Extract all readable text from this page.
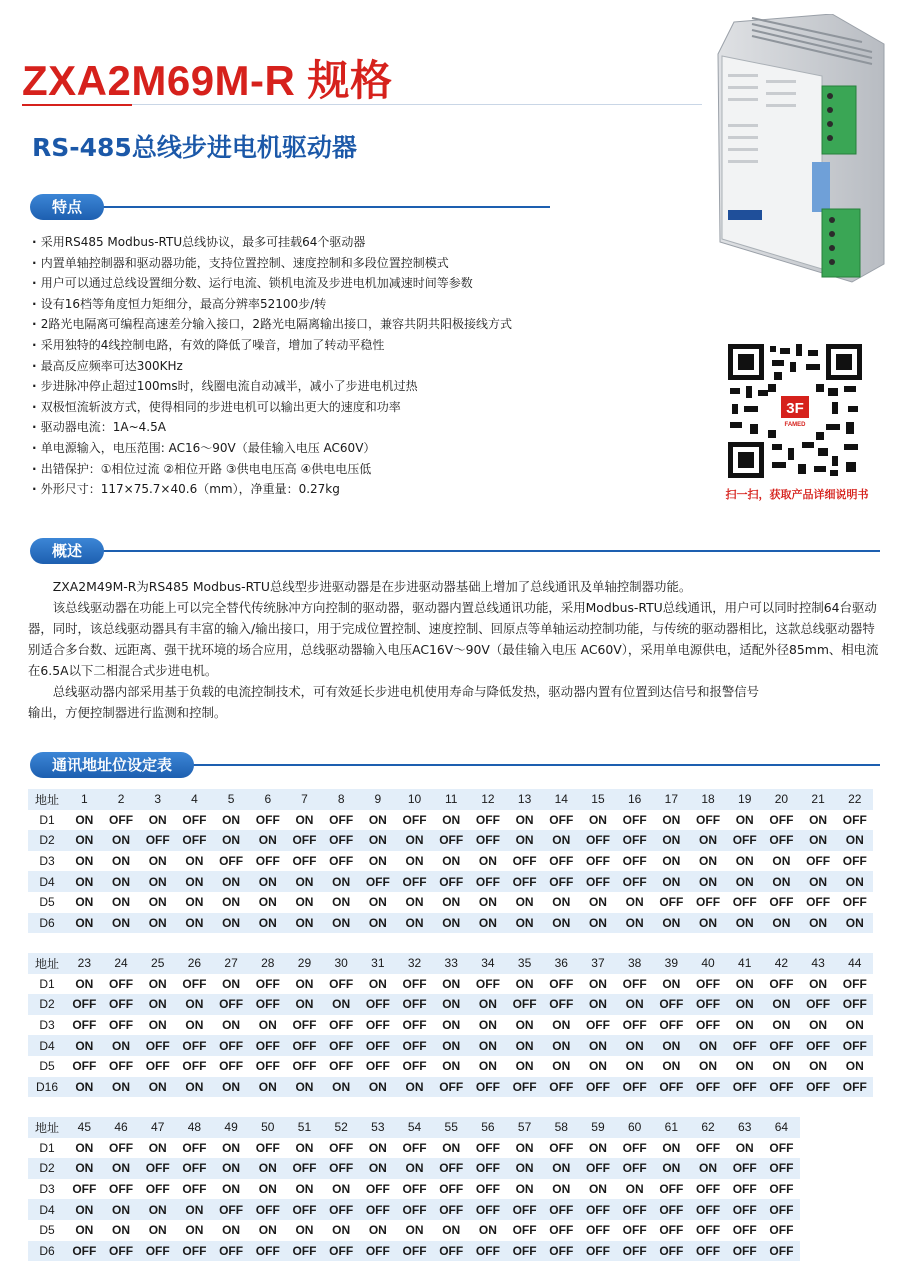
ZXA2M69M-R 规格
RS-485总线步进电机驱动器
特点
· 采用RS485 Modbus-RTU总线协议，最多可挂载64个驱动器
· 内置单轴控制器和驱动器功能，支持位置控制、速度控制和多段位置控制模式
· 用户可以通过总线设置细分数、运行电流、锁机电流及步进电机加减速时间等参数
· 设有16档等角度恒力矩细分，最高分辨率52100步/转
· 2路光电隔离可编程高速差分输入接口，2路光电隔离输出接口，兼容共阴共阳极接线方式
· 采用独特的4线控制电路，有效的降低了噪音，增加了转动平稳性
· 最高反应频率可达300KHz
· 步进脉冲停止超过100ms时，线圈电流自动减半，减小了步进电机过热
· 双极恒流斩波方式，使得相同的步进电机可以输出更大的速度和功率
· 驱动器电流：1A~4.5A
· 单电源输入，电压范围: AC16～90V（最佳输入电压 AC60V）
· 出错保护：①相位过流 ②相位开路 ③供电电压高 ④供电电压低
· 外形尺寸：117×75.7×40.6（mm），净重量：0.27kg
3F
FAMED
扫一扫，获取产品详细说明书
概述

ZXA2M49M-R为RS485 Modbus-RTU总线型步进驱动器是在步进驱动器基础上增加了总线通讯及单轴控制器功能。

该总线驱动器在功能上可以完全替代传统脉冲方向控制的驱动器，驱动器内置总线通讯功能，采用Modbus-RTU总线通讯，用户可以同时控制64台驱动器，同时，该总线驱动器具有丰富的输入/输出接口，用于完成位置控制、速度控制、回原点等单轴运动控制功能，与传统的驱动器相比，这款总线驱动器特别适合多台数、远距离、强干扰环境的场合应用，总线驱动器输入电压AC16V～90V（最佳输入电压 AC60V），采用单电源供电，适配外径85mm、相电流在6.5A以下二相混合式步进电机。

总线驱动器内部采用基于负载的电流控制技术，可有效延长步进电机使用寿命与降低发热，驱动器内置有位置到达信号和报警信号

输出，方便控制器进行监测和控制。

通讯地址位设定表
地址	1	2	3	4	5	6	7	8	9	10	11	12	13	14	15	16	17	18	19	20	21	22
D1	ON	OFF	ON	OFF	ON	OFF	ON	OFF	ON	OFF	ON	OFF	ON	OFF	ON	OFF	ON	OFF	ON	OFF	ON	OFF
D2	ON	ON	OFF	OFF	ON	ON	OFF	OFF	ON	ON	OFF	OFF	ON	ON	OFF	OFF	ON	ON	OFF	OFF	ON	ON
D3	ON	ON	ON	ON	OFF	OFF	OFF	OFF	ON	ON	ON	ON	OFF	OFF	OFF	OFF	ON	ON	ON	ON	OFF	OFF
D4	ON	ON	ON	ON	ON	ON	ON	ON	OFF	OFF	OFF	OFF	OFF	OFF	OFF	OFF	ON	ON	ON	ON	ON	ON
D5	ON	ON	ON	ON	ON	ON	ON	ON	ON	ON	ON	ON	ON	ON	ON	ON	OFF	OFF	OFF	OFF	OFF	OFF
D6	ON	ON	ON	ON	ON	ON	ON	ON	ON	ON	ON	ON	ON	ON	ON	ON	ON	ON	ON	ON	ON	ON
地址	23	24	25	26	27	28	29	30	31	32	33	34	35	36	37	38	39	40	41	42	43	44
D1	ON	OFF	ON	OFF	ON	OFF	ON	OFF	ON	OFF	ON	OFF	ON	OFF	ON	OFF	ON	OFF	ON	OFF	ON	OFF
D2	OFF	OFF	ON	ON	OFF	OFF	ON	ON	OFF	OFF	ON	ON	OFF	OFF	ON	ON	OFF	OFF	ON	ON	OFF	OFF
D3	OFF	OFF	ON	ON	ON	ON	OFF	OFF	OFF	OFF	ON	ON	ON	ON	OFF	OFF	OFF	OFF	ON	ON	ON	ON
D4	ON	ON	OFF	OFF	OFF	OFF	OFF	OFF	OFF	OFF	ON	ON	ON	ON	ON	ON	ON	ON	OFF	OFF	OFF	OFF
D5	OFF	OFF	OFF	OFF	OFF	OFF	OFF	OFF	OFF	OFF	ON	ON	ON	ON	ON	ON	ON	ON	ON	ON	ON	ON
D16	ON	ON	ON	ON	ON	ON	ON	ON	ON	ON	OFF	OFF	OFF	OFF	OFF	OFF	OFF	OFF	OFF	OFF	OFF	OFF
地址	45	46	47	48	49	50	51	52	53	54	55	56	57	58	59	60	61	62	63	64
D1	ON	OFF	ON	OFF	ON	OFF	ON	OFF	ON	OFF	ON	OFF	ON	OFF	ON	OFF	ON	OFF	ON	OFF
D2	ON	ON	OFF	OFF	ON	ON	OFF	OFF	ON	ON	OFF	OFF	ON	ON	OFF	OFF	ON	ON	OFF	OFF
D3	OFF	OFF	OFF	OFF	ON	ON	ON	ON	OFF	OFF	OFF	OFF	ON	ON	ON	ON	OFF	OFF	OFF	OFF
D4	ON	ON	ON	ON	OFF	OFF	OFF	OFF	OFF	OFF	OFF	OFF	OFF	OFF	OFF	OFF	OFF	OFF	OFF	OFF
D5	ON	ON	ON	ON	ON	ON	ON	ON	ON	ON	ON	ON	OFF	OFF	OFF	OFF	OFF	OFF	OFF	OFF
D6	OFF	OFF	OFF	OFF	OFF	OFF	OFF	OFF	OFF	OFF	OFF	OFF	OFF	OFF	OFF	OFF	OFF	OFF	OFF	OFF
